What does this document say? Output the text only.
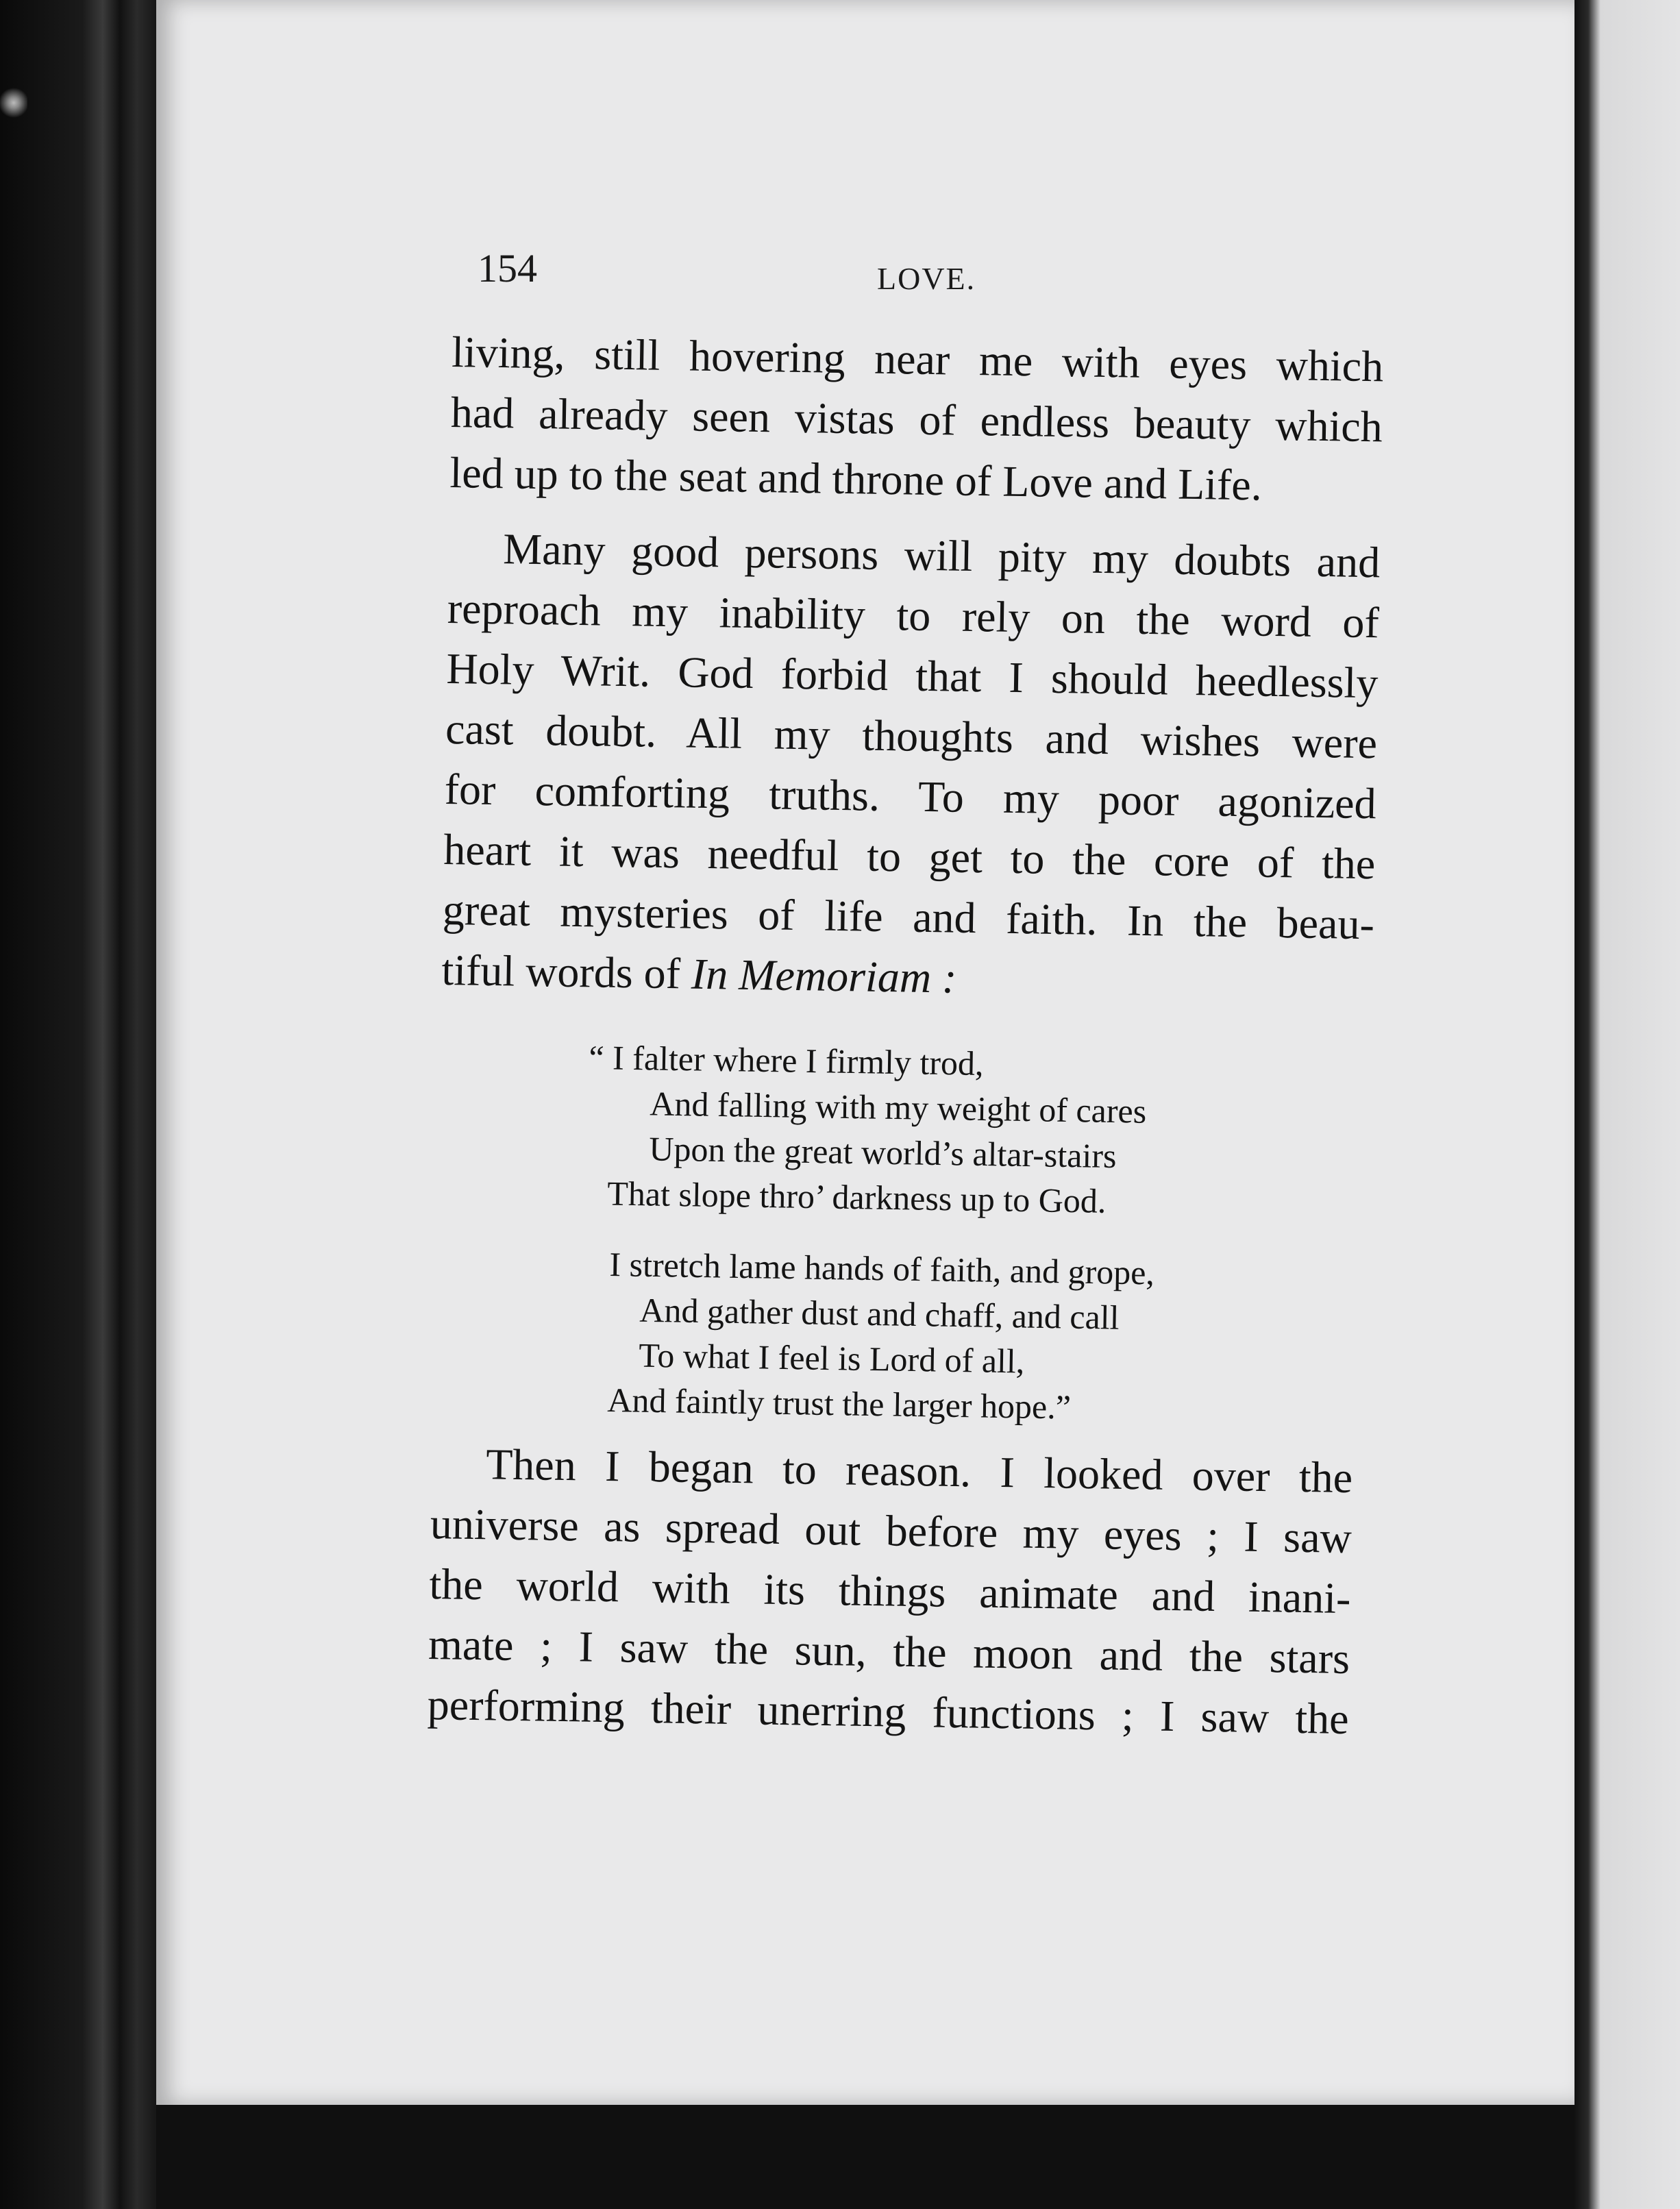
154	LOVE.
living, still hovering near me with eyes which
had already seen vistas of endless beauty which
led up to the seat and throne of Love and Life.
Many good persons will pity my doubts and
reproach my inability to rely on the word of
Holy Writ. God forbid that I should heedlessly
cast doubt. All my thoughts and wishes were
for comforting truths. To my poor agonized
heart it was needful to get to the core of the
great mysteries of life and faith. In the beau-
tiful words of In Memoriam :
“ I falter where I firmly trod,
And falling with my weight of cares
Upon the great world’s altar-stairs
That slope thro’ darkness up to God.
I stretch lame hands of faith, and grope,
And gather dust and chaff, and call
To what I feel is Lord of all,
And faintly trust the larger hope.”
Then I began to reason. I looked over the
universe as spread out before my eyes ; I saw
the world with its things animate and inani-
mate ; I saw the sun, the moon and the stars
performing their unerring functions ; I saw the
